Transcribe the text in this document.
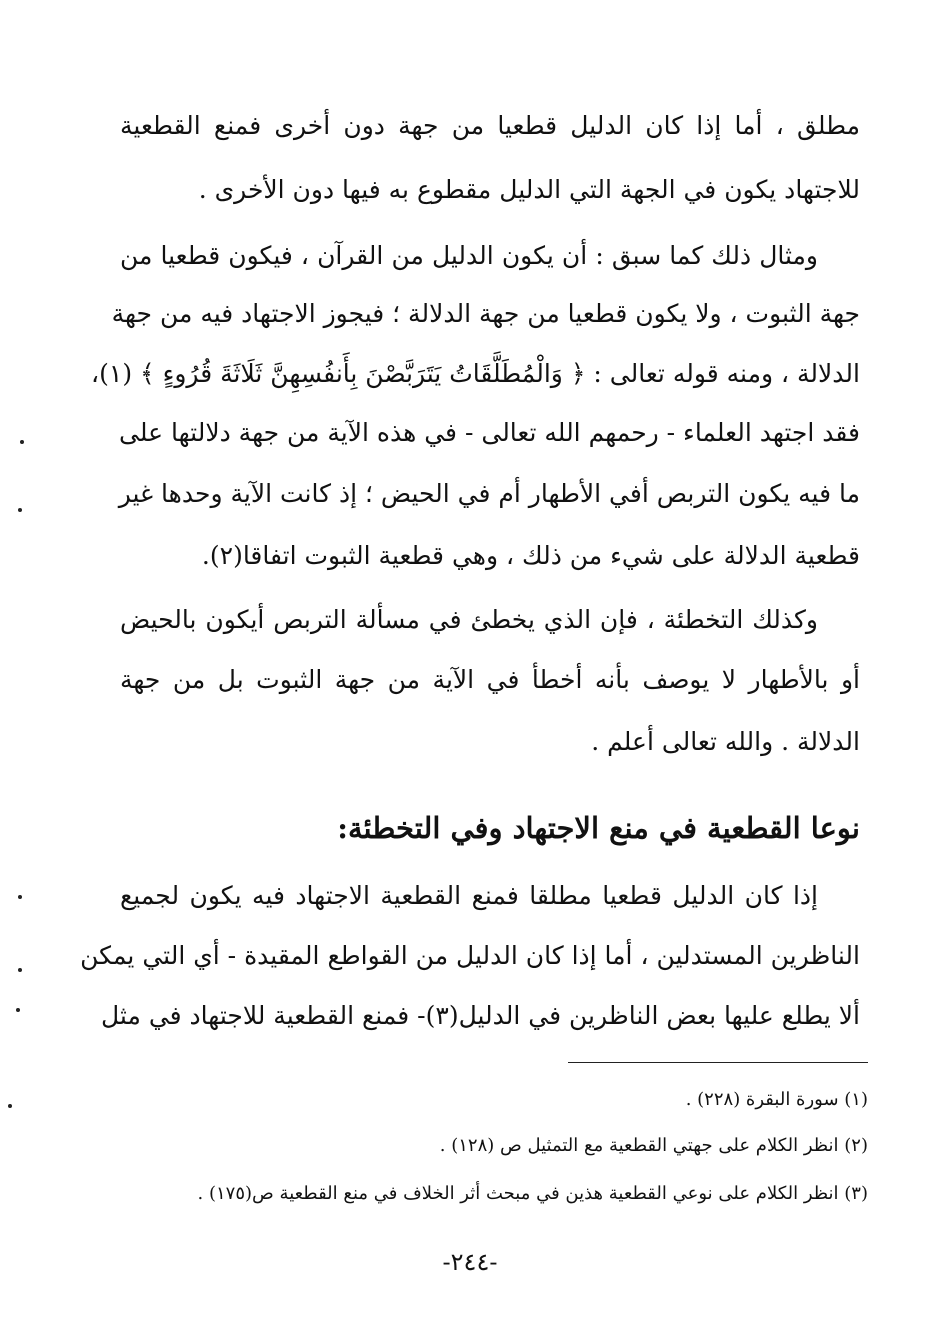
مطلق ، أما إذا كان الدليل قطعيا من جهة دون أخرى فمنع القطعية
للاجتهاد يكون في الجهة التي الدليل مقطوع به فيها دون الأخرى .
ومثال ذلك كما سبق : أن يكون الدليل من القرآن ، فيكون قطعيا من
جهة الثبوت ، ولا يكون قطعيا من جهة الدلالة ؛ فيجوز الاجتهاد فيه من جهة
الدلالة ، ومنه قوله تعالى : ﴿ وَالْمُطَلَّقَاتُ يَتَرَبَّصْنَ بِأَنفُسِهِنَّ ثَلَاثَةَ قُرُوءٍ ﴾ (١)،
فقد اجتهد العلماء - رحمهم الله تعالى - في هذه الآية من جهة دلالتها على
ما فيه يكون التربص أفي الأطهار أم في الحيض ؛ إذ كانت الآية وحدها غير
قطعية الدلالة على شيء من ذلك ، وهي قطعية الثبوت اتفاقا(٢).
وكذلك التخطئة ، فإن الذي يخطئ في مسألة التربص أيكون بالحيض
أو بالأطهار لا يوصف بأنه أخطأ في الآية من جهة الثبوت بل من جهة
الدلالة . والله تعالى أعلم .
نوعا القطعية في منع الاجتهاد وفي التخطئة:
إذا كان الدليل قطعيا مطلقا فمنع القطعية الاجتهاد فيه يكون لجميع
الناظرين المستدلين ، أما إذا كان الدليل من القواطع المقيدة - أي التي يمكن
ألا يطلع عليها بعض الناظرين في الدليل(٣)- فمنع القطعية للاجتهاد في مثل
(١) سورة البقرة (٢٢٨) .
(٢) انظر الكلام على جهتي القطعية مع التمثيل ص (١٢٨) .
(٣) انظر الكلام على نوعي القطعية هذين في مبحث أثر الخلاف في منع القطعية ص(١٧٥) .
-٢٤٤-
